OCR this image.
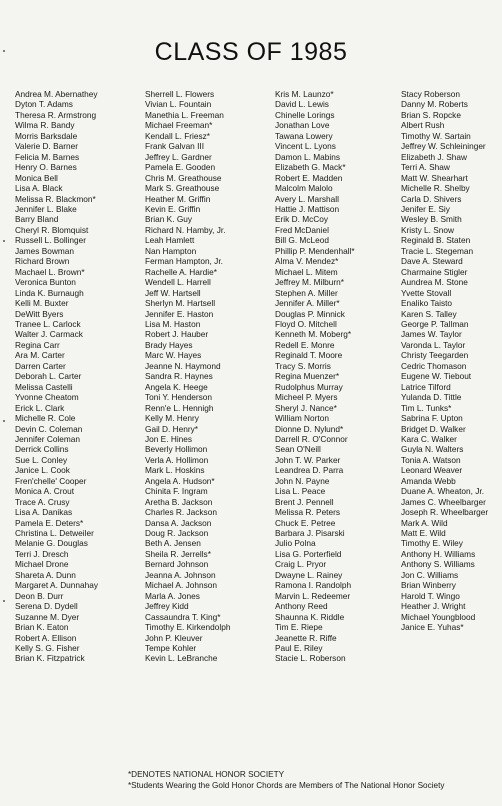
CLASS OF 1985
Andrea M. Abernathey
Dyton T. Adams
Theresa R. Armstrong
Wilma R. Bandy
Morris Barksdale
Valerie D. Barner
Felicia M. Barnes
Henry O. Barnes
Monica Bell
Lisa A. Black
Melissa R. Blackmon*
Jennifer L. Blake
Barry Bland
Cheryl R. Blomquist
Russell L. Bollinger
James Bowman
Richard Brown
Machael L. Brown*
Veronica Bunton
Linda K. Burnaugh
Kelli M. Buxter
DeWitt Byers
Tranee L. Carlock
Walter J. Carmack
Regina Carr
Ara M. Carter
Darren Carter
Deborah L. Carter
Melissa Castelli
Yvonne Cheatom
Erick L. Clark
Michelle R. Cole
Devin C. Coleman
Jennifer Coleman
Derrick Collins
Sue L. Conley
Janice L. Cook
Fren'chelle' Cooper
Monica A. Crout
Trace A. Crusy
Lisa A. Danikas
Pamela E. Deters*
Christina L. Detweiler
Melanie G. Douglas
Terri J. Dresch
Michael Drone
Shareta A. Dunn
Margaret A. Dunnahay
Deon B. Durr
Serena D. Dydell
Suzanne M. Dyer
Brian K. Eaton
Robert A. Ellison
Kelly S. G. Fisher
Brian K. Fitzpatrick
Sherrell L. Flowers
Vivian L. Fountain
Manethia L. Freeman
Michael Freeman*
Kendall L. Friesz*
Frank Galvan III
Jeffrey L. Gardner
Pamela E. Gooden
Chris M. Greathouse
Mark S. Greathouse
Heather M. Griffin
Kevin E. Griffin
Brian K. Guy
Richard N. Hamby, Jr.
Leah Hamlett
Nan Hampton
Ferman Hampton, Jr.
Rachelle A. Hardie*
Wendell L. Harrell
Jeff W. Hartsell
Sherlyn M. Hartsell
Jennifer E. Haston
Lisa M. Haston
Robert J. Hauber
Brady Hayes
Marc W. Hayes
Jeanne N. Haymond
Sandra R. Haynes
Angela K. Heege
Toni Y. Henderson
Renn'e L. Hennigh
Kelly M. Henry
Gail D. Henry*
Jon E. Hines
Beverly Hollimon
Verla A. Hollimon
Mark L. Hoskins
Angela A. Hudson*
Chinita F. Ingram
Aretha B. Jackson
Charles R. Jackson
Dansa A. Jackson
Doug R. Jackson
Beth A. Jensen
Sheila R. Jerrells*
Bernard Johnson
Jeanna A. Johnson
Michael A. Johnson
Marla A. Jones
Jeffrey Kidd
Cassaundra T. King*
Timothy E. Kirkendolph
John P. Kleuver
Tempe Kohler
Kevin L. LeBranche
Kris M. Launzo*
David L. Lewis
Chinelle Lorings
Jonathan Love
Tawana Lowery
Vincent L. Lyons
Damon L. Mabins
Elizabeth G. Mack*
Robert E. Madden
Malcolm Malolo
Avery L. Marshall
Hattie J. Mattison
Erik D. McCoy
Fred McDaniel
Bill G. McLeod
Phillip P. Mendenhall*
Alma V. Mendez*
Michael L. Mitem
Jeffrey M. Milburn*
Stephen A. Miller
Jennifer A. Miller*
Douglas P. Minnick
Floyd O. Mitchell
Kenneth M. Moberg*
Redell E. Monre
Reginald T. Moore
Tracy S. Morris
Regina Muenzer*
Rudolphus Murray
Micheel P. Myers
Sheryl J. Nance*
William Norton
Dionne D. Nylund*
Darrell R. O'Connor
Sean O'Neill
John T. W. Parker
Leandrea D. Parra
John N. Payne
Lisa L. Peace
Brent J. Pennell
Melissa R. Peters
Chuck E. Petree
Barbara J. Pisarski
Julio Polna
Lisa G. Porterfield
Craig L. Pryor
Dwayne L. Rainey
Ramona I. Randolph
Marvin L. Redeemer
Anthony Reed
Shaunna K. Riddle
Tim E. Riepe
Jeanette R. Riffe
Paul E. Riley
Stacie L. Roberson
Stacy Roberson
Danny M. Roberts
Brian S. Ropcke
Albert Rush
Timothy W. Sartain
Jeffrey W. Schleininger
Elizabeth J. Shaw
Terri A. Shaw
Matt W. Shearhart
Michelle R. Shelby
Carla D. Shivers
Jenifer E. Siy
Wesley B. Smith
Kristy L. Snow
Reginald B. Staten
Tracie L. Stegeman
Dave A. Steward
Charmaine Stigler
Aundrea M. Stone
Yvette Stovall
Enaliko Taisto
Karen S. Talley
George P. Tallman
James W. Taylor
Varonda L. Taylor
Christy Teegarden
Cedric Thomason
Eugene W. Tiebout
Latrice Tilford
Yulanda D. Tittle
Tim L. Tunks*
Sabrina F. Upton
Bridget D. Walker
Kara C. Walker
Guyla N. Walters
Tonia A. Watson
Leonard Weaver
Amanda Webb
Duane A. Wheaton, Jr.
James C. Wheelbarger
Joseph R. Wheelbarger
Mark A. Wild
Matt E. Wild
Timothy E. Wiley
Anthony H. Williams
Anthony S. Williams
Jon C. Williams
Brian Winberry
Harold T. Wingo
Heather J. Wright
Michael Youngblood
Janice E. Yuhas*
*DENOTES NATIONAL HONOR SOCIETY
*Students Wearing the Gold Honor Chords are Members of The National Honor Society
